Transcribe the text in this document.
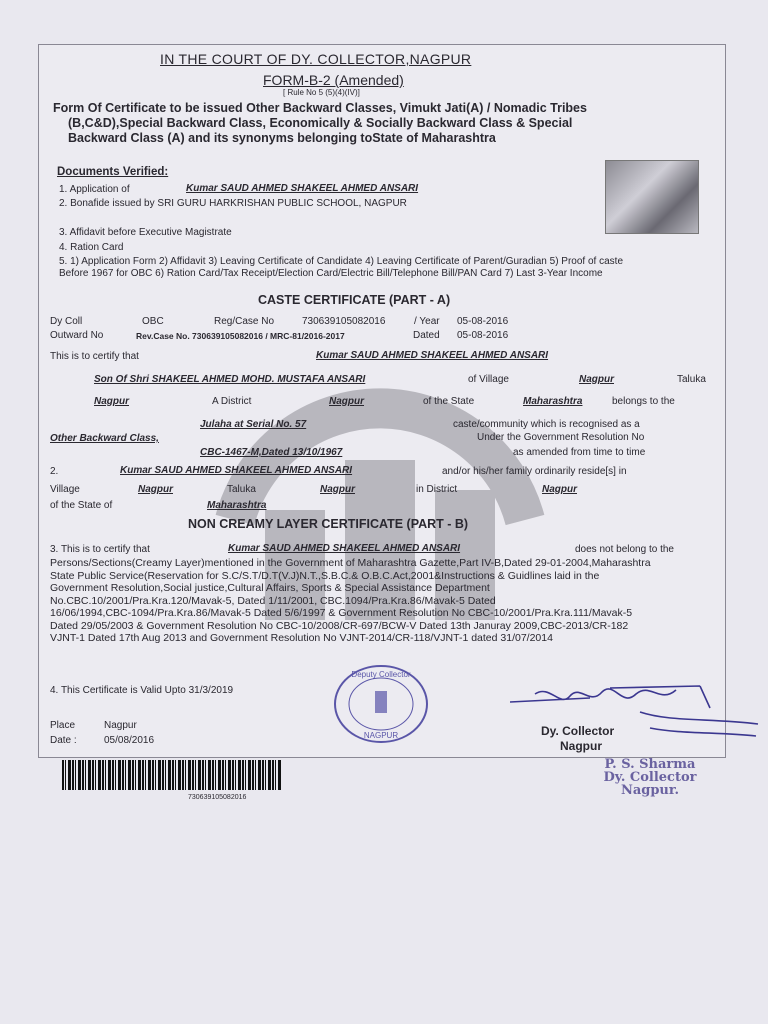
IN THE COURT OF DY. COLLECTOR,NAGPUR
FORM-B-2 (Amended)
[ Rule No 5 (5)(4)(IV)]
Form Of Certificate to be issued Other Backward Classes, Vimukt Jati(A) / Nomadic Tribes
(B,C&D),Special Backward Class, Economically & Socially Backward Class & Special
Backward Class (A) and its synonyms belonging toState of Maharashtra
Documents Verified:
1. Application of	Kumar SAUD AHMED SHAKEEL AHMED ANSARI
2. Bonafide issued by SRI GURU HARKRISHAN PUBLIC SCHOOL, NAGPUR
3. Affidavit before Executive Magistrate
4. Ration Card
5. 1) Application Form 2) Affidavit 3) Leaving Certificate of Candidate 4) Leaving Certificate of Parent/Guradian 5) Proof of caste
Before 1967 for OBC 6) Ration Card/Tax Receipt/Election Card/Electric Bill/Telephone Bill/PAN Card 7) Last 3-Year Income
CASTE CERTIFICATE (PART - A)
Dy Coll	OBC	Reg/Case No	730639105082016	/ Year 05-08-2016
Outward No	Rev.Case No. 730639105082016 / MRC-81/2016-2017	Dated 05-08-2016
This is to certify that	Kumar SAUD AHMED SHAKEEL AHMED ANSARI
Son Of Shri SHAKEEL AHMED MOHD. MUSTAFA ANSARI	of Village	Nagpur	Taluka
Nagpur	A District	Nagpur	of the State	Maharashtra	belongs to the
Julaha at Serial No. 57	caste/community which is recognised as a
Other Backward Class,	Under the Government Resolution No
CBC-1467-M,Dated 13/10/1967	as amended from time to time
2.	Kumar SAUD AHMED SHAKEEL AHMED ANSARI	and/or his/her family ordinarily reside[s] in
Village	Nagpur	Taluka	Nagpur	in District	Nagpur
of the State of	Maharashtra
NON CREAMY LAYER CERTIFICATE (PART - B)
3. This is to certify that	Kumar SAUD AHMED SHAKEEL AHMED ANSARI	does not belong to the
Persons/Sections(Creamy Layer)mentioned in the Government of Maharashtra Gazette,Part IV-B,Dated 29-01-2004,Maharashtra
State Public Service(Reservation for S.C/S.T/D.T(V.J)N.T.,S.B.C.& O.B.C.Act,2001&Instructions & Guidlines laid in the
Government Resolution,Social justice,Cultural Affairs, Sports & Special Assistance Department
No.CBC.10/2001/Pra.Kra.120/Mavak-5, Dated 1/11/2001, CBC.1094/Pra.Kra.86/Mavak-5 Dated
16/06/1994,CBC-1094/Pra.Kra.86/Mavak-5 Dated 5/6/1997 & Government Resolution No CBC-10/2001/Pra.Kra.111/Mavak-5
Dated 29/05/2003 & Government Resolution No CBC-10/2008/CR-697/BCW-V Dated 13th Januray 2009,CBC-2013/CR-182
VJNT-1 Dated 17th Aug 2013 and Government Resolution No VJNT-2014/CR-118/VJNT-1 dated 31/07/2014
4. This Certificate is Valid Upto 31/3/2019
Place	Nagpur
Date :	05/08/2016
Deputy Collector
NAGPUR	Dy. Collector
Nagpur
P. S. Sharma
Dy. Collector
Nagpur.
730639105082016
